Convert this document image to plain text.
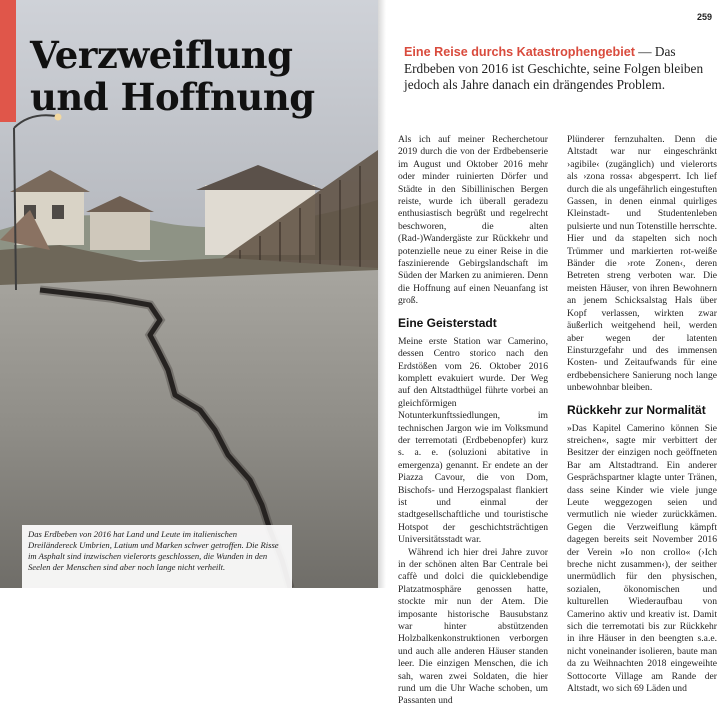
Verzweiflung
und Hoffnung
Das Erdbeben von 2016 hat Land und Leute im italienischen Dreiländereck Umbrien, Latium und Marken schwer getroffen. Die Risse im Asphalt sind inzwischen vielerorts geschlossen, die Wunden in den Seelen der Menschen sind aber noch lange nicht verheilt.
259
Eine Reise durchs Katastrophengebiet — Das Erdbeben von 2016 ist Geschichte, seine Folgen bleiben jedoch als Jahre danach ein drängendes Problem.

Als ich auf meiner Recherchetour 2019 durch die von der Erdbebenserie im August und Oktober 2016 mehr oder minder ruinierten Dörfer und Städte in den Sibillinischen Bergen reiste, wurde ich überall geradezu enthusiastisch begrüßt und regelrecht beschworen, die alten (Rad-)Wandergäste zur Rückkehr und potenzielle neue zu einer Reise in die faszinierende Gebirgslandschaft im Süden der Marken zu animieren. Denn die Hoffnung auf einen Neuanfang ist groß.

Eine Geisterstadt

Meine erste Station war Camerino, dessen Centro storico nach den Erdstößen vom 26. Oktober 2016 komplett evakuiert wurde. Der Weg auf den Altstadthügel führte vorbei an gleichförmigen Notunterkunftssiedlungen, im technischen Jargon wie im Volksmund der terremotati (Erdbebenopfer) kurz s. a. e. (soluzioni abitative in emergenza) genannt. Er endete an der Piazza Cavour, die von Dom, Bischofs- und Herzogspalast flankiert ist und einmal der stadtgesellschaftliche und touristische Hotspot der geschichtsträchtigen Universitätsstadt war.

Während ich hier drei Jahre zuvor in der schönen alten Bar Centrale bei caffè und dolci die quicklebendige Platzatmosphäre genossen hatte, stockte mir nun der Atem. Die imposante historische Bausubstanz war hinter abstützenden Holzbalkenkonstruktionen verborgen und auch alle anderen Häuser standen leer. Die einzigen Menschen, die ich sah, waren zwei Soldaten, die hier rund um die Uhr Wache schoben, um Passanten und

Plünderer fernzuhalten. Denn die Altstadt war nur eingeschränkt ›agibile‹ (zugänglich) und vielerorts als ›zona rossa‹ abgesperrt. Ich lief durch die als ungefährlich eingestuften Gassen, in denen einmal quirliges Kleinstadt- und Studentenleben pulsierte und nun Totenstille herrschte. Hier und da stapelten sich noch Trümmer und markierten rot-weiße Bänder die ›rote Zonen‹, deren Betreten streng verboten war. Die meisten Häuser, von ihren Bewohnern an jenem Schicksalstag Hals über Kopf verlassen, wirkten zwar äußerlich weitgehend heil, werden aber wegen der latenten Einsturzgefahr und des immensen Kosten- und Zeitaufwands für eine erdbebensichere Sanierung noch lange unbewohnbar bleiben.

Rückkehr zur Normalität

»Das Kapitel Camerino können Sie streichen«, sagte mir verbittert der Besitzer der einzigen noch geöffneten Bar am Altstadtrand. Ein anderer Gesprächspartner klagte unter Tränen, dass seine Kinder wie viele junge Leute weggezogen seien und vermutlich nie wieder zurückkämen. Gegen die Verzweiflung kämpft dagegen bereits seit November 2016 der Verein »Io non crollo« (›Ich breche nicht zusammen‹), der seither unermüdlich für den physischen, sozialen, ökonomischen und kulturellen Wiederaufbau von Camerino aktiv und kreativ ist. Damit sich die terremotati bis zur Rückkehr in ihre Häuser in den beengten s.a.e. nicht voneinander isolieren, baute man da zu Weihnachten 2018 eingeweihte Sottocorte Village am Rande der Altstadt, wo sich 69 Läden und
